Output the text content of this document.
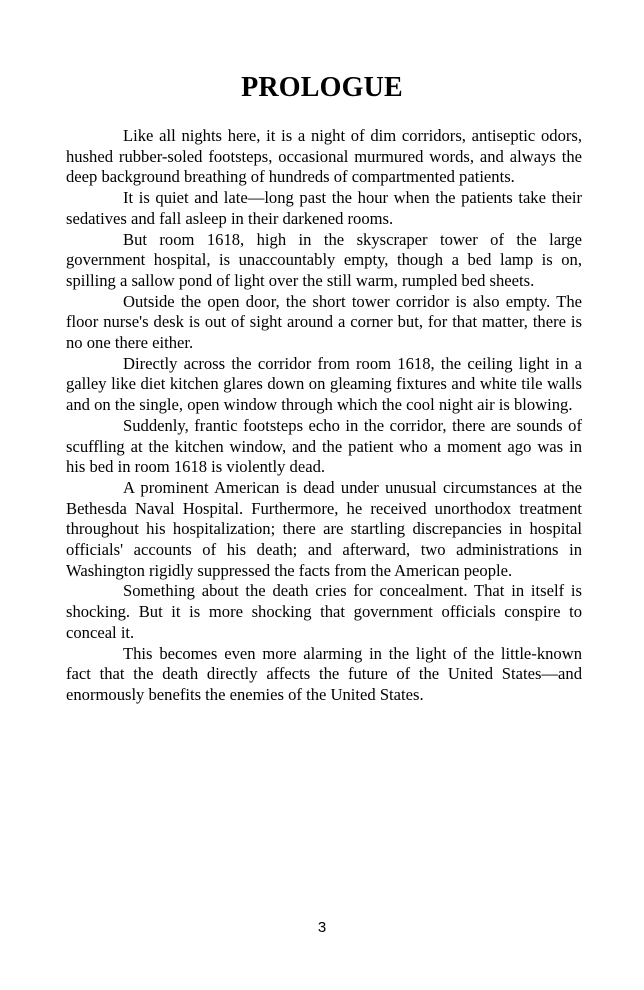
PROLOGUE

Like all nights here, it is a night of dim corridors, antiseptic odors, hushed rubber-soled footsteps, occasional murmured words, and always the deep background breathing of hundreds of compartmented patients.

It is quiet and late—long past the hour when the patients take their sedatives and fall asleep in their darkened rooms.

But room 1618, high in the skyscraper tower of the large government hospital, is unaccountably empty, though a bed lamp is on, spilling a sallow pond of light over the still warm, rumpled bed sheets.

Outside the open door, the short tower corridor is also empty. The floor nurse's desk is out of sight around a corner but, for that matter, there is no one there either.

Directly across the corridor from room 1618, the ceiling light in a galley like diet kitchen glares down on gleaming fixtures and white tile walls and on the single, open window through which the cool night air is blowing.

Suddenly, frantic footsteps echo in the corridor, there are sounds of scuffling at the kitchen window, and the patient who a moment ago was in his bed in room 1618 is violently dead.

A prominent American is dead under unusual circumstances at the Bethesda Naval Hospital. Furthermore, he received unorthodox treatment throughout his hospitalization; there are startling discrepancies in hospital officials' accounts of his death; and afterward, two administrations in Washington rigidly suppressed the facts from the American people.

Something about the death cries for concealment. That in itself is shocking. But it is more shocking that government officials conspire to conceal it.

This becomes even more alarming in the light of the little-known fact that the death directly affects the future of the United States—and enormously benefits the enemies of the United States.

3
